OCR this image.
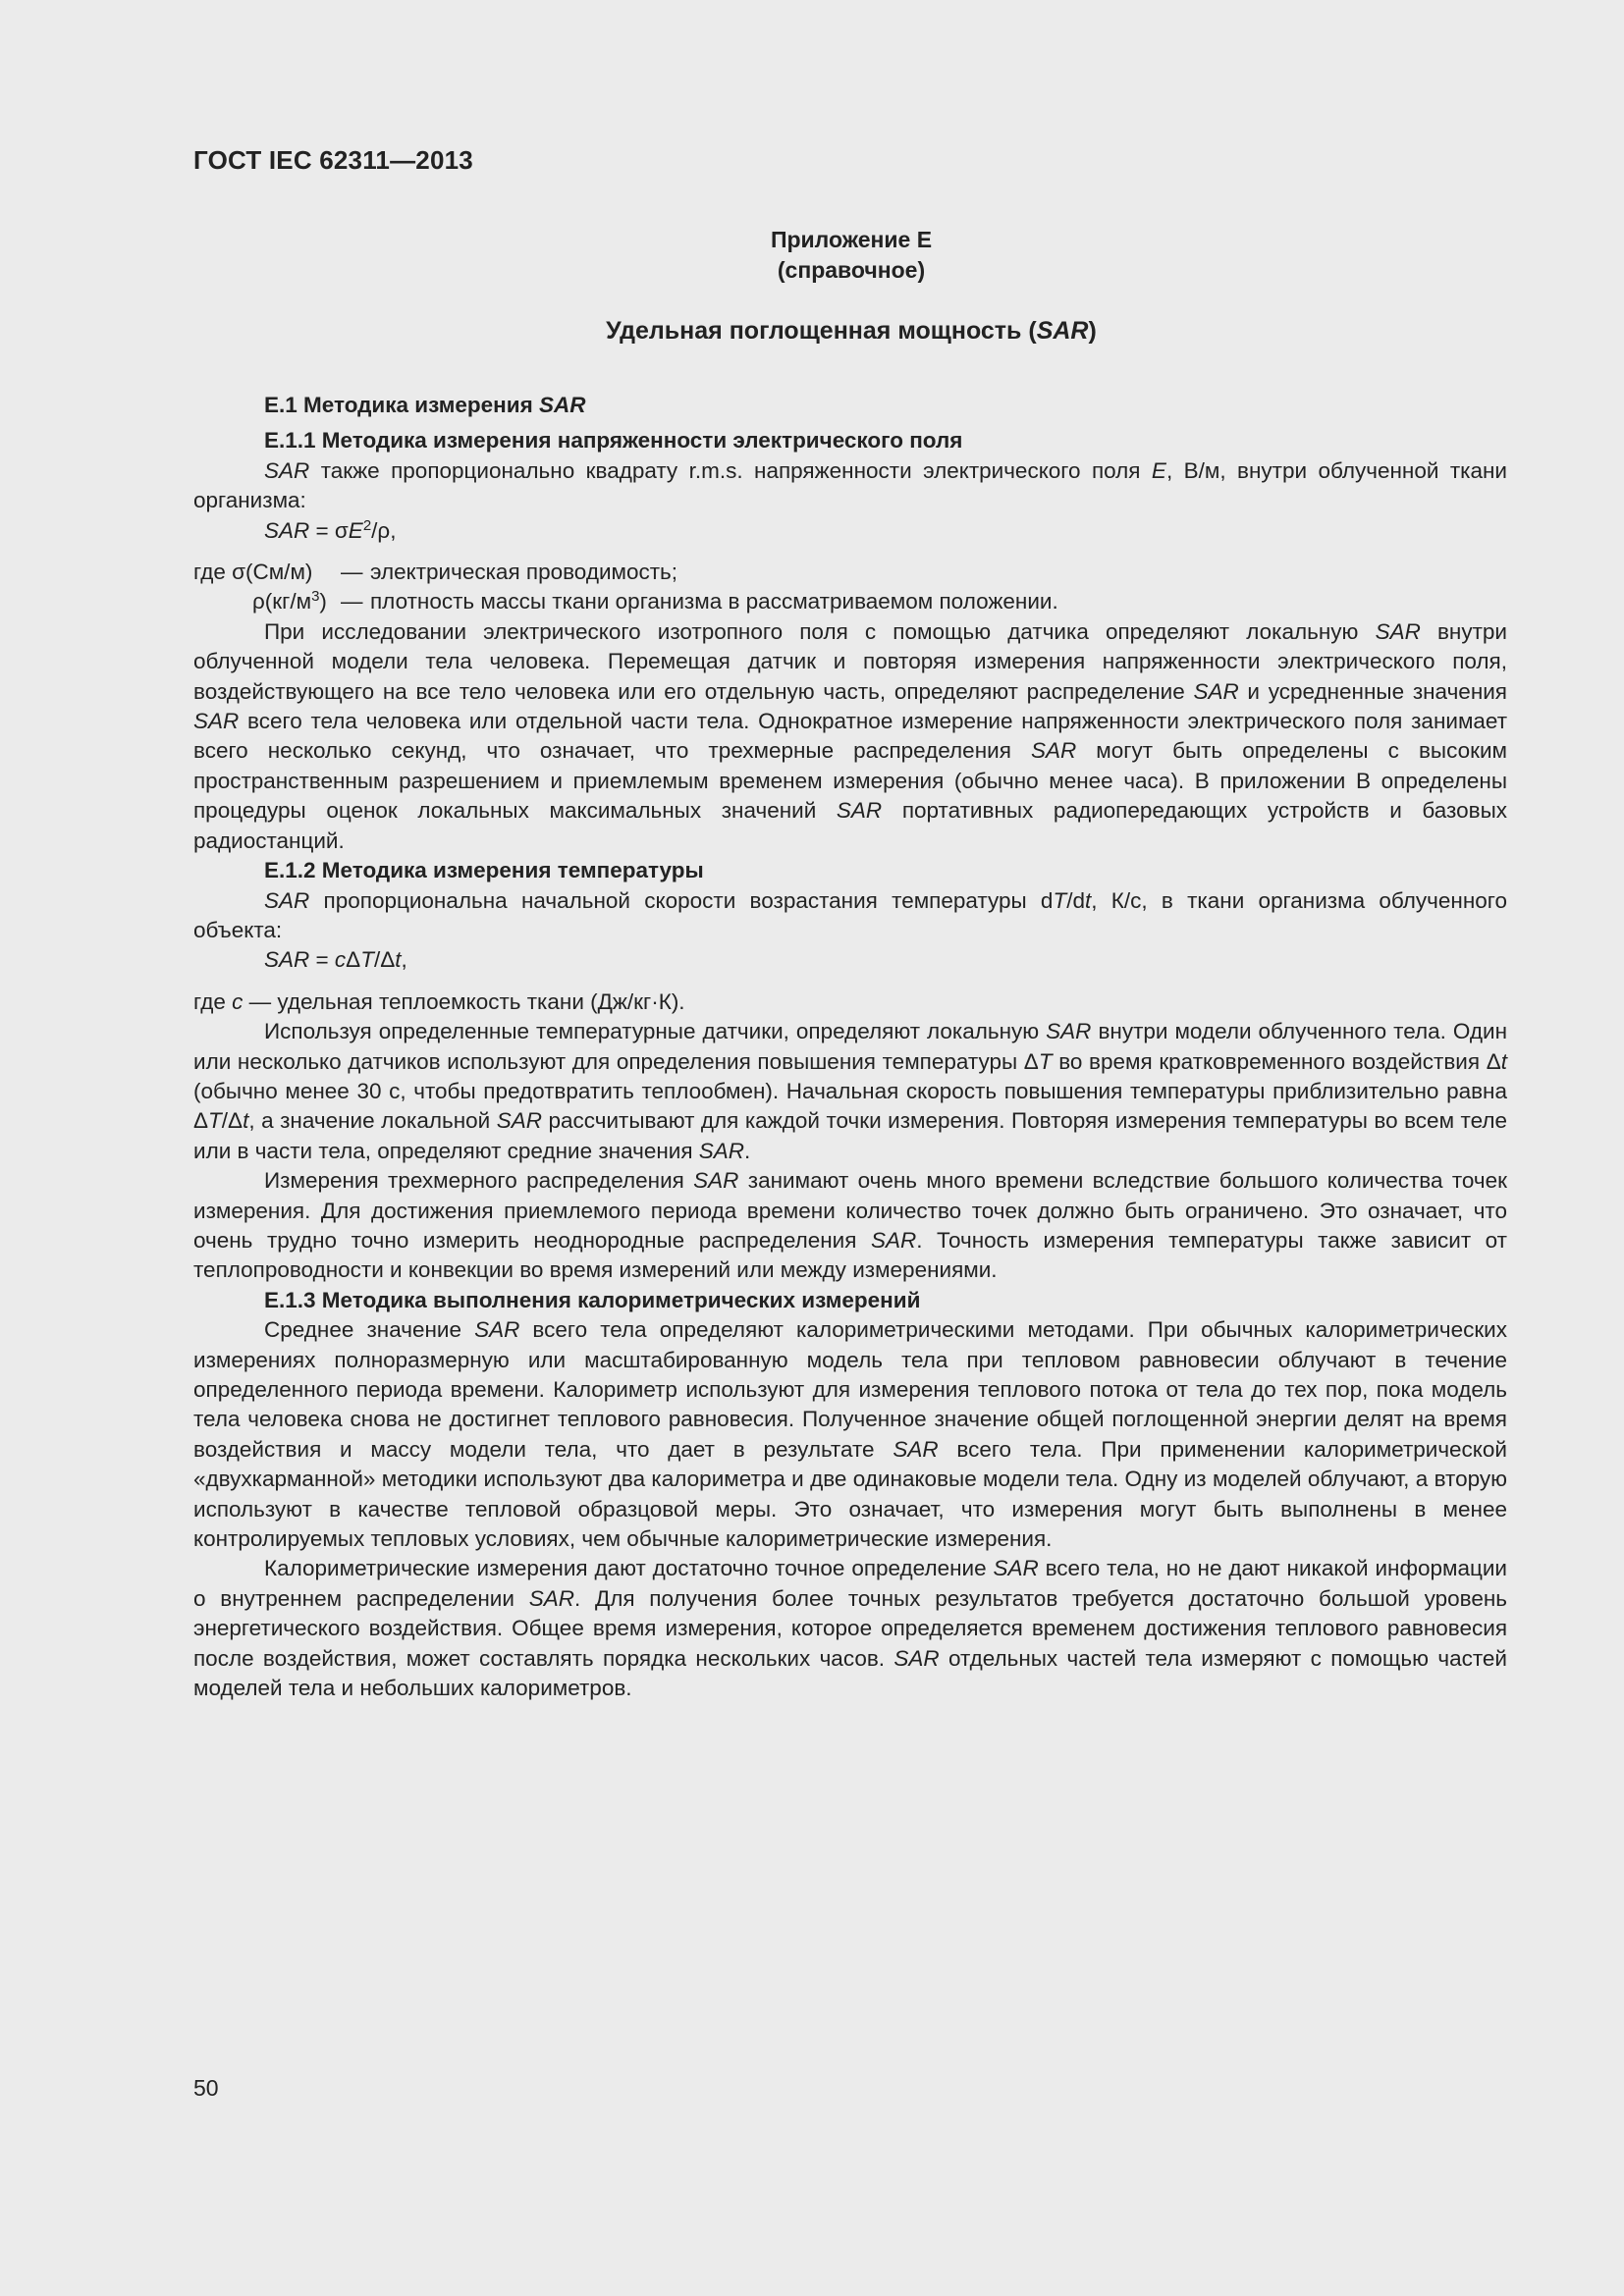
ГОСТ IEC 62311—2013
Приложение Е
(справочное)
Удельная поглощенная мощность (SAR)
Е.1 Методика измерения SAR
Е.1.1 Методика измерения напряженности электрического поля

SAR также пропорционально квадрату r.m.s. напряженности электрического поля E, В/м, внутри облученной ткани организма:

SAR = $\sigma E^2/\rho$,

где σ(См/м)	— электрическая проводимость;
$\rho(кг/м^3)$ — плотность массы ткани организма в рассматриваемом положении.

При исследовании электрического изотропного поля с помощью датчика определяют локальную SAR внутри облученной модели тела человека. Перемещая датчик и повторяя измерения напряженности электрического поля, воздействующего на все тело человека или его отдельную часть, определяют распределение SAR и усредненные значения SAR всего тела человека или отдельной части тела. Однократное измерение напряженности электрического поля занимает всего несколько секунд, что означает, что трехмерные распределения SAR могут быть определены с высоким пространственным разрешением и приемлемым временем измерения (обычно менее часа). В приложении В определены процедуры оценок локальных максимальных значений SAR портативных радиопередающих устройств и базовых радиостанций.

Е.1.2 Методика измерения температуры

SAR пропорциональна начальной скорости возрастания температуры dT/dt, К/с, в ткани организма облученного объекта:

SAR = cΔT/Δt,

где c — удельная теплоемкость ткани (Дж/кг·К).

Используя определенные температурные датчики, определяют локальную SAR внутри модели облученного тела. Один или несколько датчиков используют для определения повышения температуры ΔT во время кратковременного воздействия Δt (обычно менее 30 с, чтобы предотвратить теплообмен). Начальная скорость повышения температуры приблизительно равна ΔT/Δt, а значение локальной SAR рассчитывают для каждой точки измерения. Повторяя измерения температуры во всем теле или в части тела, определяют средние значения SAR.

Измерения трехмерного распределения SAR занимают очень много времени вследствие большого количества точек измерения. Для достижения приемлемого периода времени количество точек должно быть ограничено. Это означает, что очень трудно точно измерить неоднородные распределения SAR. Точность измерения температуры также зависит от теплопроводности и конвекции во время измерений или между измерениями.

Е.1.3 Методика выполнения калориметрических измерений

Среднее значение SAR всего тела определяют калориметрическими методами. При обычных калориметрических измерениях полноразмерную или масштабированную модель тела при тепловом равновесии облучают в течение определенного периода времени. Калориметр используют для измерения теплового потока от тела до тех пор, пока модель тела человека снова не достигнет теплового равновесия. Полученное значение общей поглощенной энергии делят на время воздействия и массу модели тела, что дает в результате SAR всего тела. При применении калориметрической «двухкарманной» методики используют два калориметра и две одинаковые модели тела. Одну из моделей облучают, а вторую используют в качестве тепловой образцовой меры. Это означает, что измерения могут быть выполнены в менее контролируемых тепловых условиях, чем обычные калориметрические измерения.

Калориметрические измерения дают достаточно точное определение SAR всего тела, но не дают никакой информации о внутреннем распределении SAR. Для получения более точных результатов требуется достаточно большой уровень энергетического воздействия. Общее время измерения, которое определяется временем достижения теплового равновесия после воздействия, может составлять порядка нескольких часов. SAR отдельных частей тела измеряют с помощью частей моделей тела и небольших калориметров.

50
